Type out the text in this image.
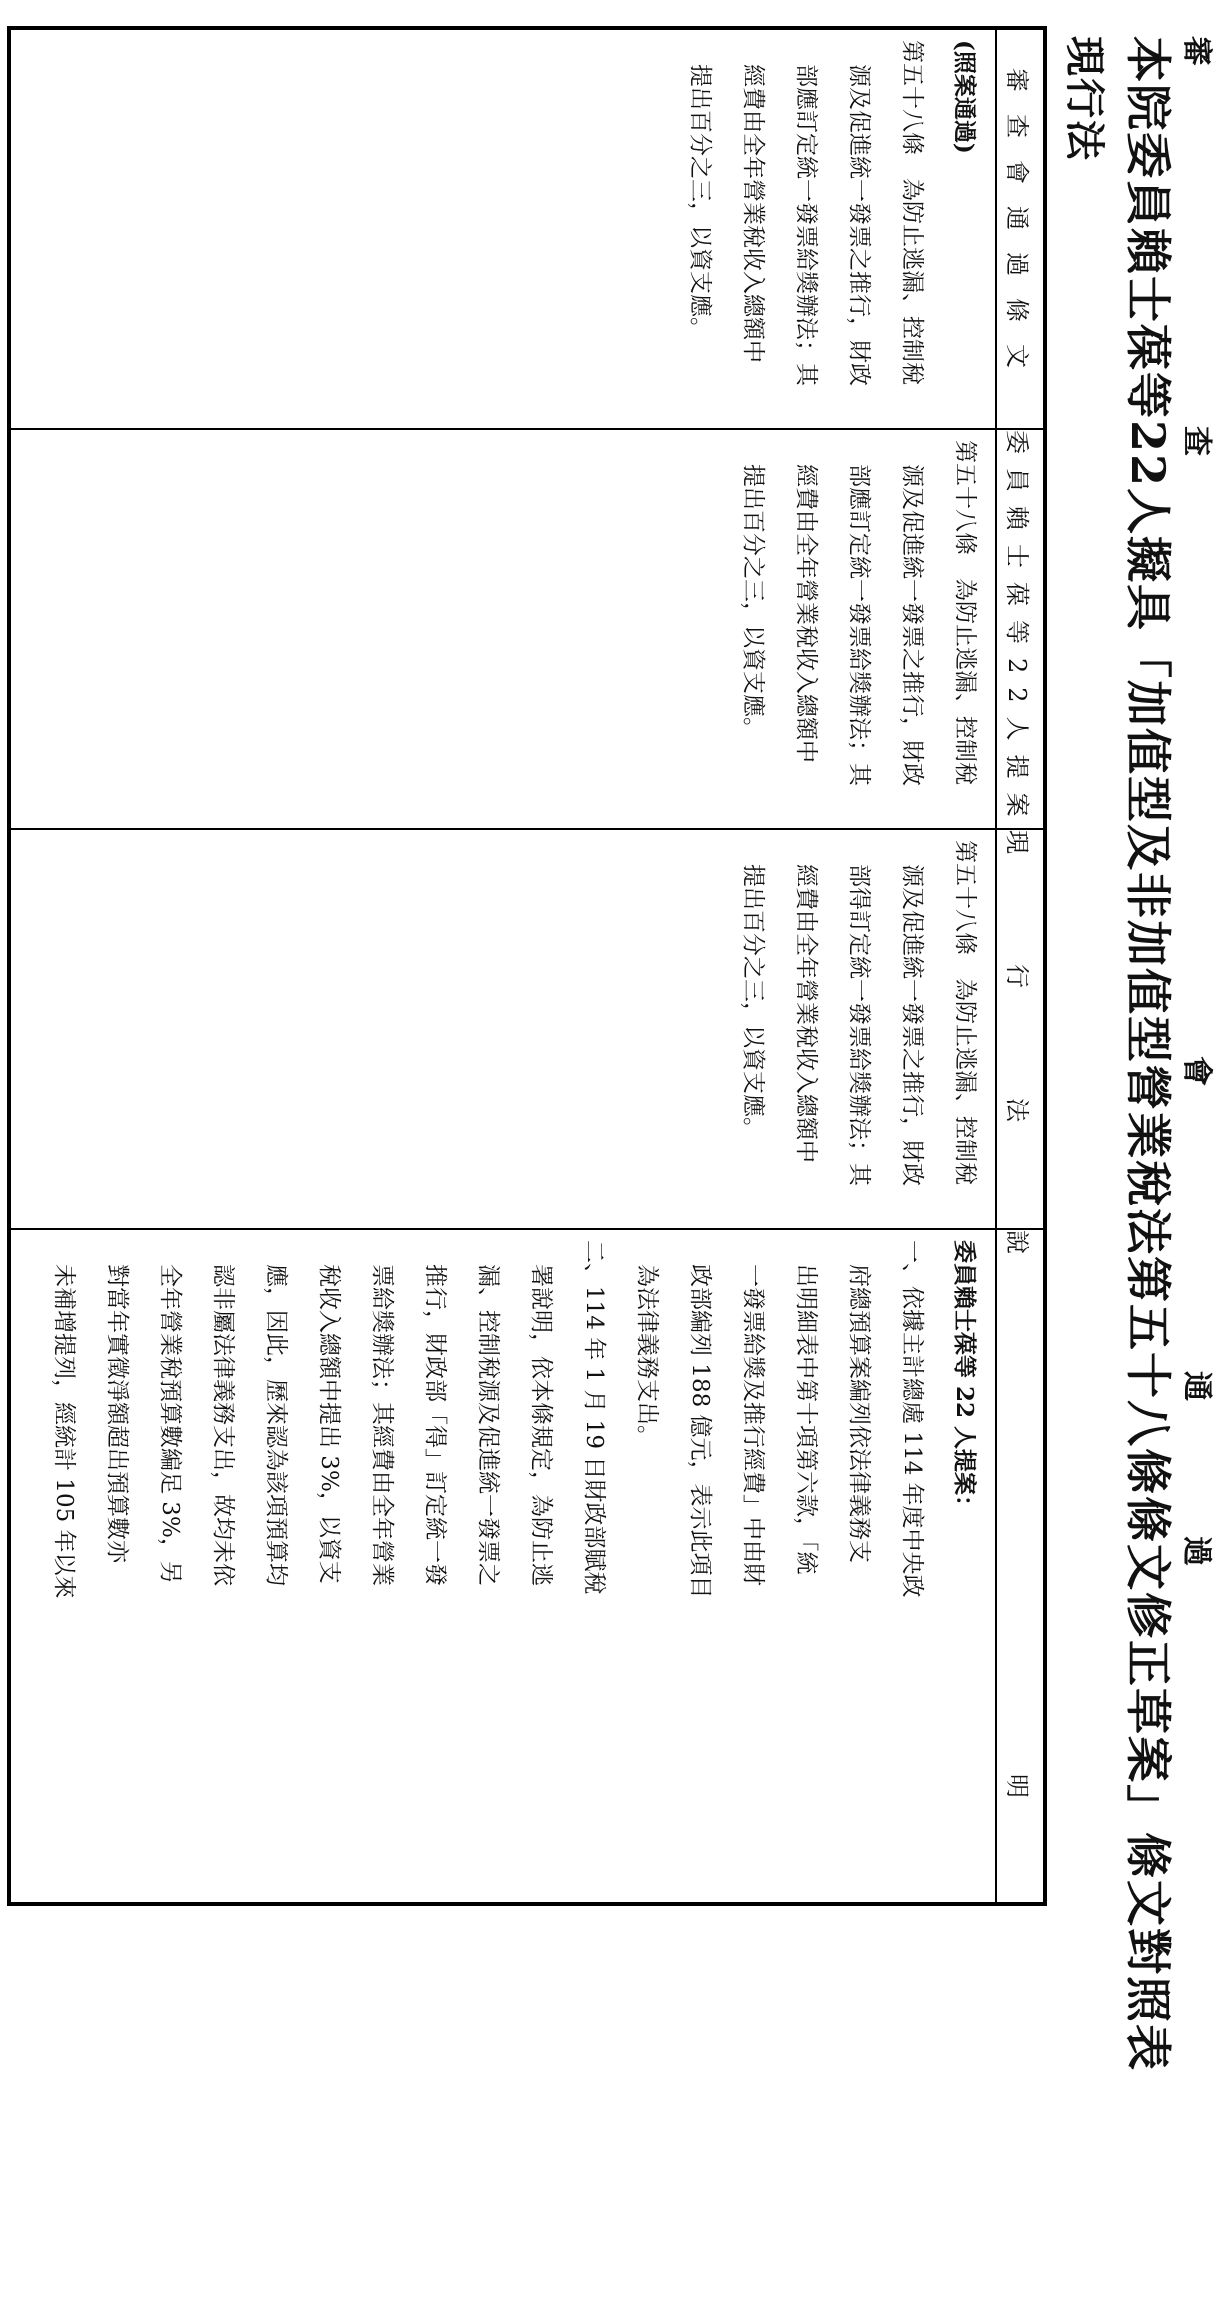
審
查
會
通
過
本院委員賴士葆等22人擬具「加值型及非加值型營業稅法第五十八條條文修正草案」條文對照表
現行法
審查會通過條文

(照案通過)

第五十八條　為防止逃漏、控制稅

源及促進統一發票之推行，財政

部應訂定統一發票給獎辦法；其

經費由全年營業稅收入總額中

提出百分之三，以資支應。

委員賴士葆等22人提案

第五十八條　為防止逃漏、控制稅

源及促進統一發票之推行，財政

部應訂定統一發票給獎辦法；其

經費由全年營業稅收入總額中

提出百分之三，以資支應。

現行法

第五十八條　為防止逃漏、控制稅

源及促進統一發票之推行，財政

部得訂定統一發票給獎辦法；其

經費由全年營業稅收入總額中

提出百分之三，以資支應。

說明

委員賴士葆等 22 人提案：

一、依據主計總處 114 年度中央政

府總預算案編列依法律義務支

出明細表中第十項第六款，「統

一發票給獎及推行經費」中由財

政部編列 188 億元，表示此項目

為法律義務支出。

二、114 年 1 月 19 日財政部賦稅

署說明，依本條規定，為防止逃

漏、控制稅源及促進統一發票之

推行，財政部「得」訂定統一發

票給獎辦法；其經費由全年營業

稅收入總額中提出 3%，以資支

應，因此，歷來認為該項預算均

認非屬法律義務支出，故均未依

全年營業稅預算數編足 3%，另

對當年實徵淨額超出預算數亦

未補增提列，經統計 105 年以來
